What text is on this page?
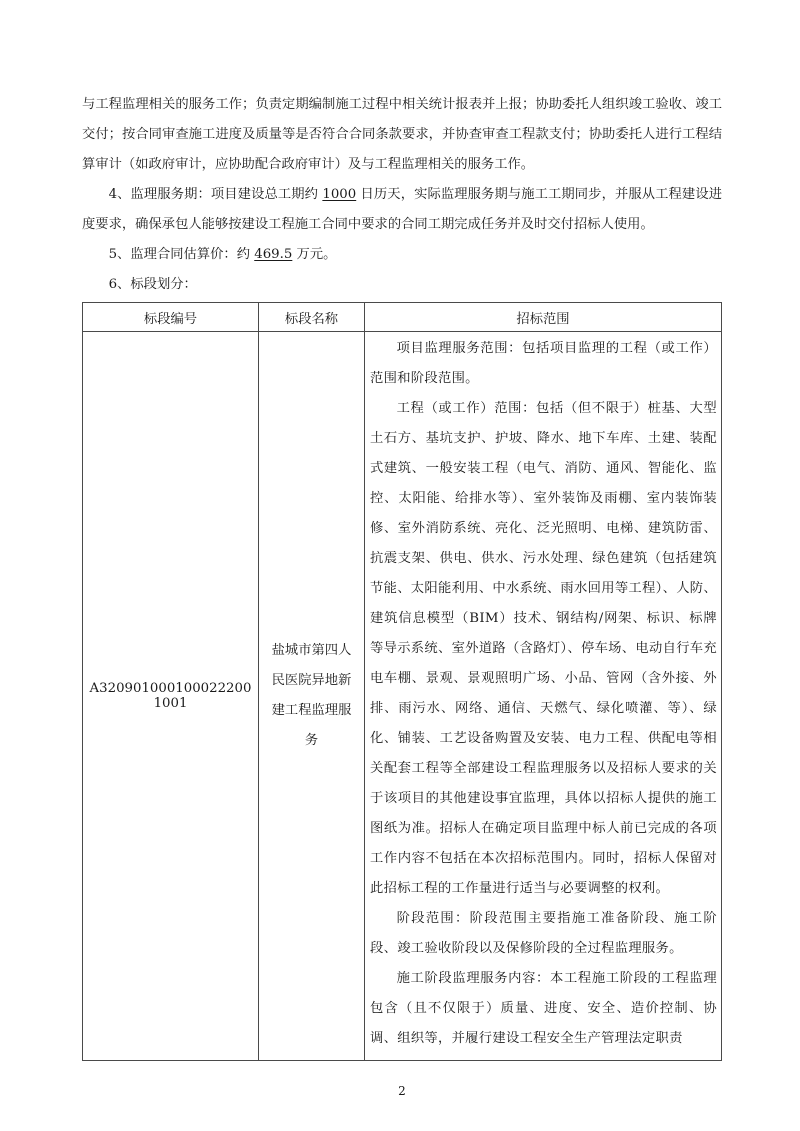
与工程监理相关的服务工作；负责定期编制施工过程中相关统计报表并上报；协助委托人组织竣工验收、竣工交付；按合同审查施工进度及质量等是否符合合同条款要求，并协查审查工程款支付；协助委托人进行工程结算审计（如政府审计，应协助配合政府审计）及与工程监理相关的服务工作。

4、监理服务期：项目建设总工期约 1000 日历天，实际监理服务期与施工工期同步，并服从工程建设进度要求，确保承包人能够按建设工程施工合同中要求的合同工期完成任务并及时交付招标人使用。

5、监理合同估算价：约 469.5 万元。

6、标段划分：

标段编号	标段名称	招标范围
A3209010001000222001001	盐城市第四人民医院异地新建工程监理服务	项目监理服务范围：包括项目监理的工程（或工作）范围和阶段范围。

工程（或工作）范围：包括（但不限于）桩基、大型土石方、基坑支护、护坡、降水、地下车库、土建、装配式建筑、一般安装工程（电气、消防、通风、智能化、监控、太阳能、给排水等）、室外装饰及雨棚、室内装饰装修、室外消防系统、亮化、泛光照明、电梯、建筑防雷、抗震支架、供电、供水、污水处理、绿色建筑（包括建筑节能、太阳能利用、中水系统、雨水回用等工程）、人防、建筑信息模型（BIM）技术、钢结构/网架、标识、标牌等导示系统、室外道路（含路灯）、停车场、电动自行车充电车棚、景观、景观照明广场、小品、管网（含外接、外排、雨污水、网络、通信、天燃气、绿化喷灌、等）、绿化、铺装、工艺设备购置及安装、电力工程、供配电等相关配套工程等全部建设工程监理服务以及招标人要求的关于该项目的其他建设事宜监理，具体以招标人提供的施工图纸为准。招标人在确定项目监理中标人前已完成的各项工作内容不包括在本次招标范围内。同时，招标人保留对此招标工程的工作量进行适当与必要调整的权利。

阶段范围：阶段范围主要指施工准备阶段、施工阶段、竣工验收阶段以及保修阶段的全过程监理服务。

施工阶段监理服务内容：本工程施工阶段的工程监理包含（且不仅限于）质量、进度、安全、造价控制、协调、组织等，并履行建设工程安全生产管理法定职责

2
